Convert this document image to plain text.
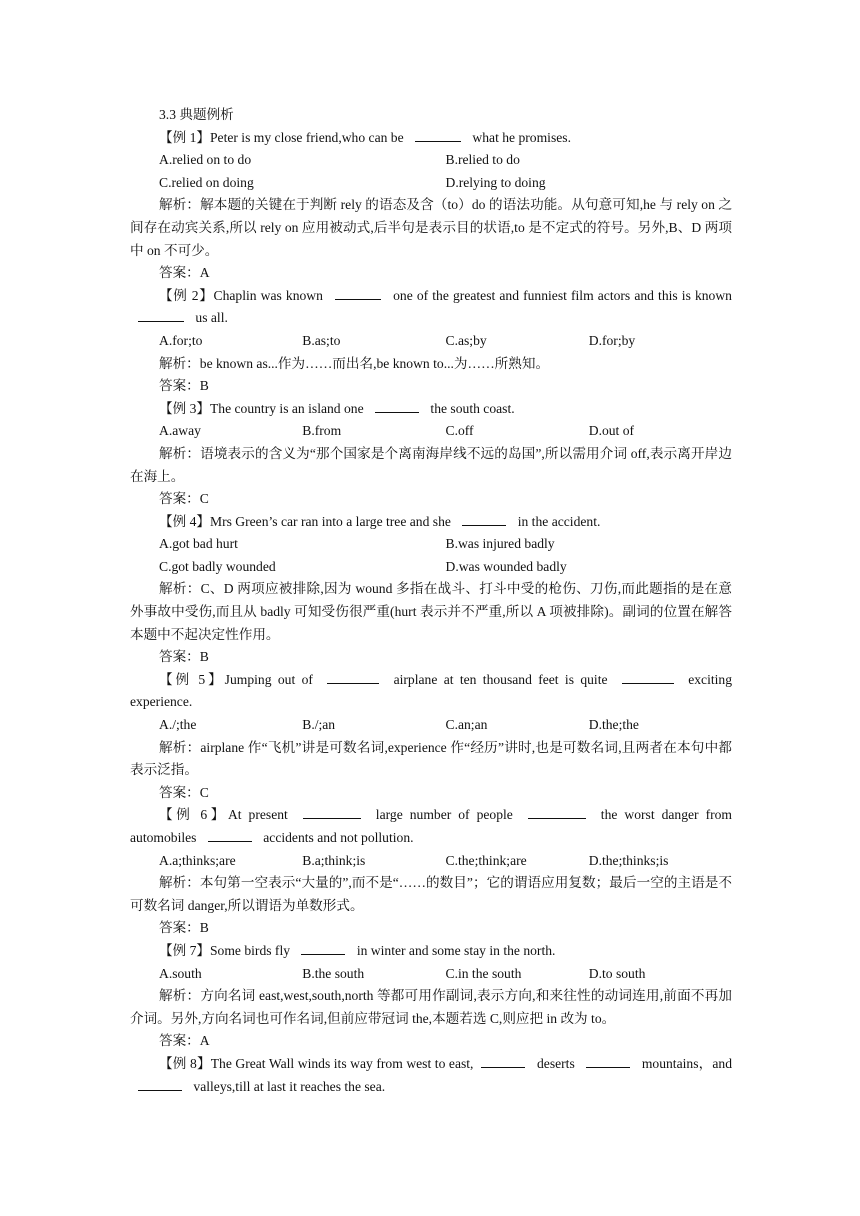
3.3 典题例析

【例 1】Peter is my close friend,who can be	what he promises.

A.relied on to do	B.relied to do
C.relied on doing	D.relying to doing

解析：解本题的关键在于判断 rely 的语态及含（to）do 的语法功能。从句意可知,he 与 rely on 之间存在动宾关系,所以 rely on 应用被动式,后半句是表示目的状语,to 是不定式的符号。另外,B、D 两项中 on 不可少。

答案：A

【例 2】Chaplin was known	one of the greatest and funniest film actors and this is known  us all.

A.for;to	B.as;to	C.as;by	D.for;by

解析：be known as...作为……而出名,be known to...为……所熟知。

答案：B

【例 3】The country is an island one	the south coast.

A.away	B.from	C.off	D.out of

解析：语境表示的含义为“那个国家是个离南海岸线不远的岛国”,所以需用介词 off,表示离开岸边在海上。

答案：C

【例 4】Mrs Green’s car ran into a large tree and she	in the accident.

A.got bad hurt	B.was injured badly
C.got badly wounded	D.was wounded badly

解析：C、D 两项应被排除,因为 wound 多指在战斗、打斗中受的枪伤、刀伤,而此题指的是在意外事故中受伤,而且从 badly 可知受伤很严重(hurt 表示并不严重,所以 A 项被排除)。副词的位置在解答本题中不起决定性作用。

答案：B

【例 5】Jumping out of	airplane at ten thousand feet is quite	exciting experience.

A./;the	B./;an	C.an;an	D.the;the

解析：airplane 作“飞机”讲是可数名词,experience 作“经历”讲时,也是可数名词,且两者在本句中都表示泛指。

答案：C

【例 6】At present	large number of people	the worst danger from automobiles	accidents and not pollution.

A.a;thinks;are	B.a;think;is	C.the;think;are	D.the;thinks;is

解析：本句第一空表示“大量的”,而不是“……的数目”；它的谓语应用复数；最后一空的主语是不可数名词 danger,所以谓语为单数形式。

答案：B

【例 7】Some birds fly	in winter and some stay in the north.

A.south	B.the south	C.in the south	D.to south

解析：方向名词 east,west,south,north 等都可用作副词,表示方向,和来往性的动词连用,前面不再加介词。另外,方向名词也可作名词,但前应带冠词 the,本题若选 C,则应把 in 改为 to。

答案：A

【例 8】The Great Wall winds its way from west to east,	deserts	mountains，and  valleys,till at last it reaches the sea.
